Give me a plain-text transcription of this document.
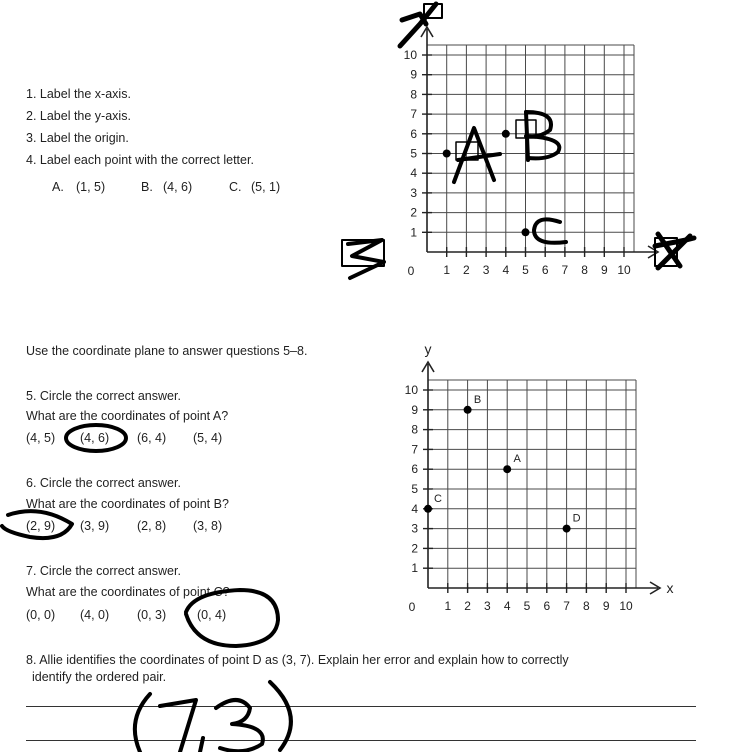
1. Label the x-axis.
2. Label the y-axis.
3. Label the origin.
4. Label each point with the correct letter.
A. (1, 5)	B. (4, 6)	C. (5, 1)
Use the coordinate plane to answer questions 5–8.
5. Circle the correct answer.
What are the coordinates of point A?
(4, 5) (4, 6) (6, 4) (5, 4)
6. Circle the correct answer.
What are the coordinates of point B?
(2, 9) (3, 9) (2, 8) (3, 8)
7. Circle the correct answer.
What are the coordinates of point C?
(0, 0) (4, 0) (0, 3) (0, 4)
8. Allie identifies the coordinates of point D as (3, 7). Explain her error and explain how to correctly
identify the ordered pair.
1 2 3 4 5 6 7 8 9 10
1
2
3
4
5
6
7
8
9
10
0
1 2 3 4 5 6 7 8 9 10
1
2
3
4
5
6
7
8
9
10
0
A
B
C
D
y
x
